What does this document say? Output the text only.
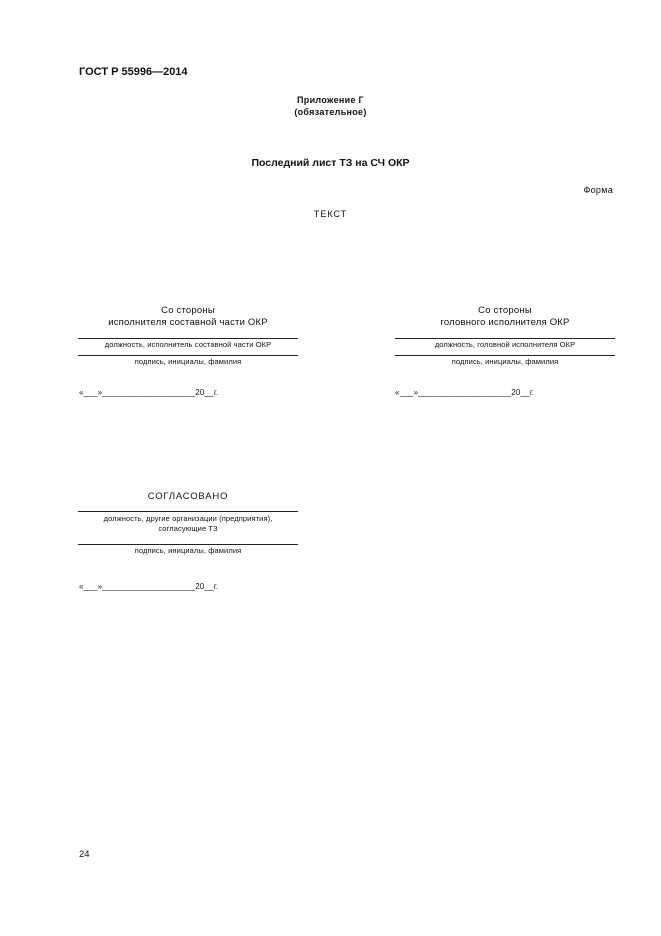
ГОСТ Р 55996—2014
Приложение Г
(обязательное)
Последний лист ТЗ на СЧ ОКР
Форма
ТЕКСТ
Со стороны
исполнителя составной части ОКР
должность, исполнитель составной части ОКР
подпись, инициалы, фамилия
«___»____________________20__г.
Со стороны
головного исполнителя ОКР
должность, головной исполнителя ОКР
подпись, инициалы, фамилия
«___»____________________20__г.
СОГЛАСОВАНО
должность, другие организации (предприятия),
согласующие ТЗ
подпись, инициалы, фамилия
«___»____________________20__г.
24
